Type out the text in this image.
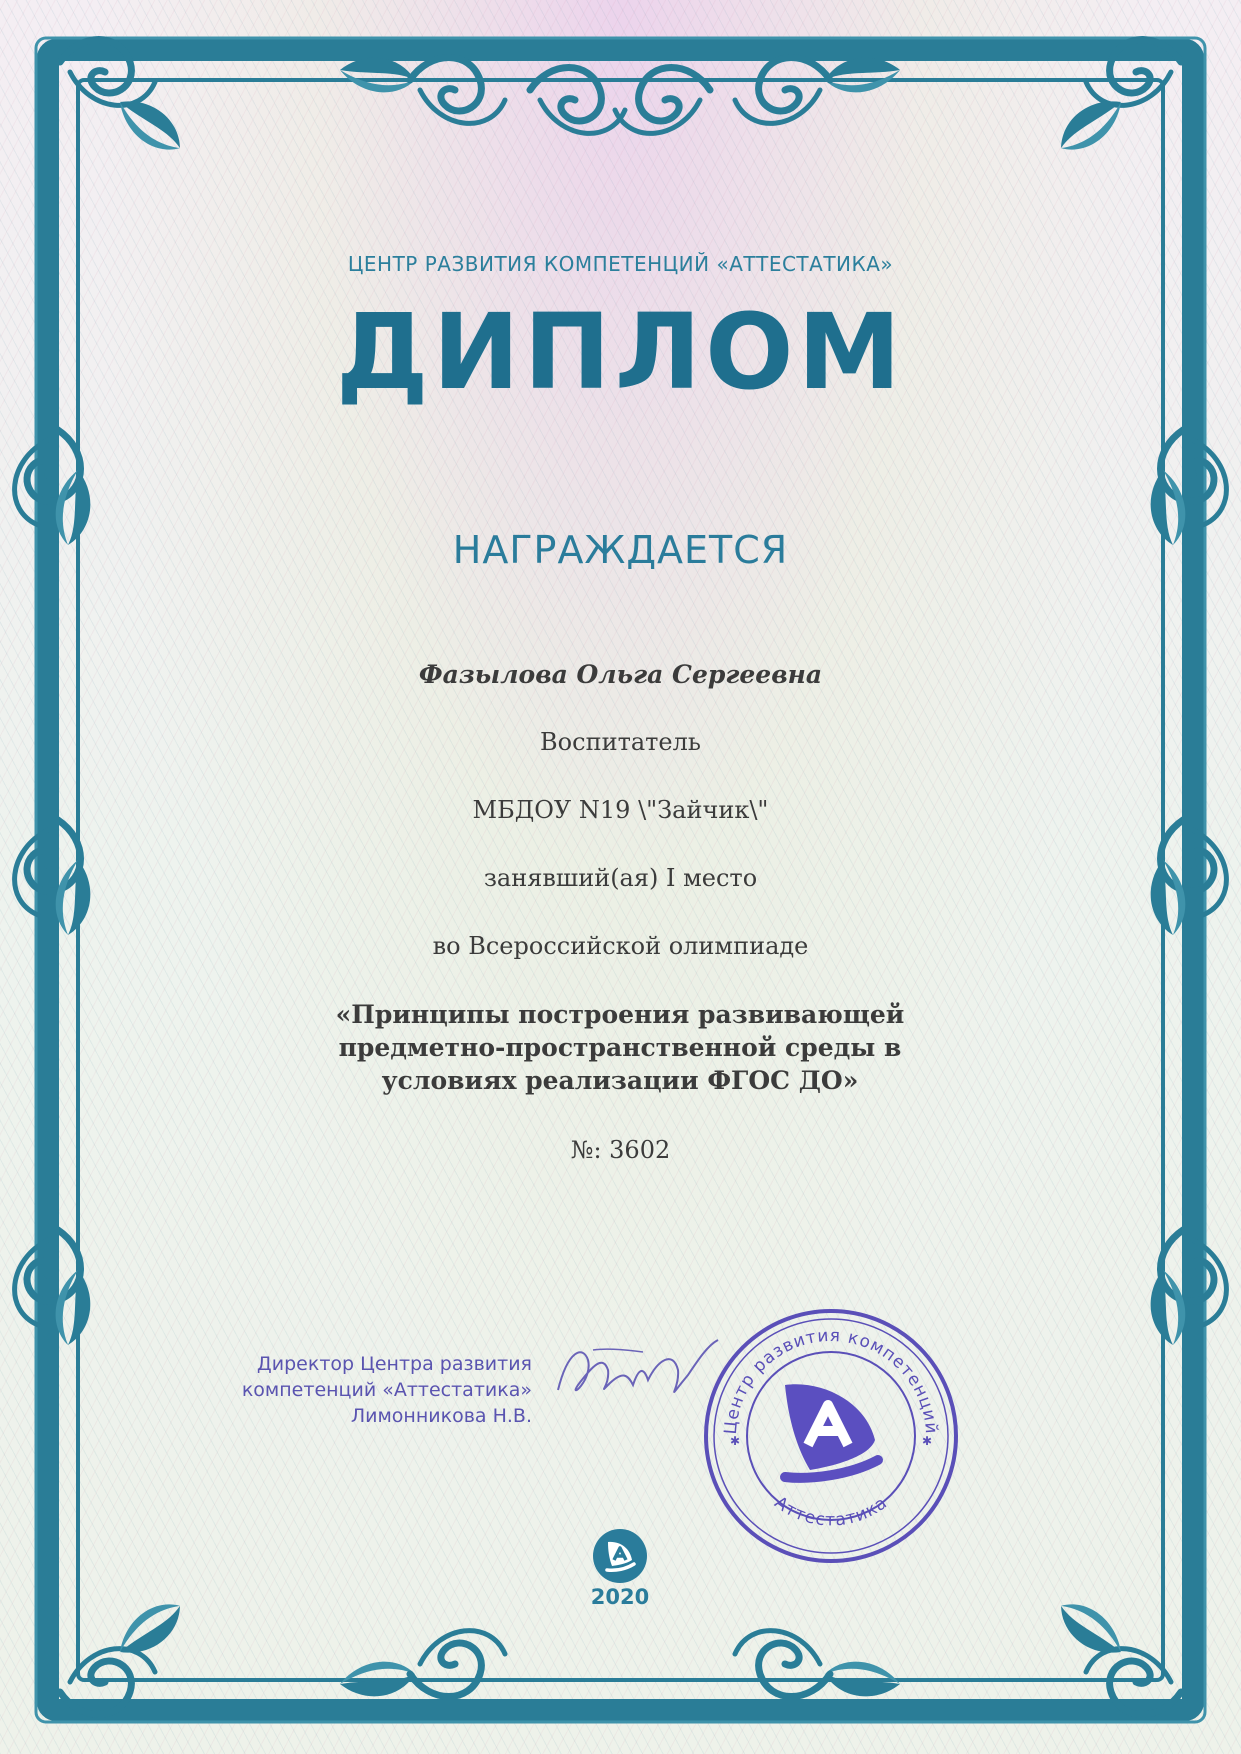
ЦЕНТР РАЗВИТИЯ КОМПЕТЕНЦИЙ «АТТЕСТАТИКА»
ДИПЛОМ
НАГРАЖДАЕТСЯ
Фазылова Ольга Сергеевна
Воспитатель
МБДОУ N19 \"Зайчик\"
занявший(ая) I место
во Всероссийской олимпиаде
«Принципы построения развивающей предметно-пространственной среды в условиях реализации ФГОС ДО»
№: 3602
Директор Центра развития
компетенций «Аттестатика»
Лимонникова Н.В.
Центр развития компетенций
Аттестатика
✱	✱
2020
